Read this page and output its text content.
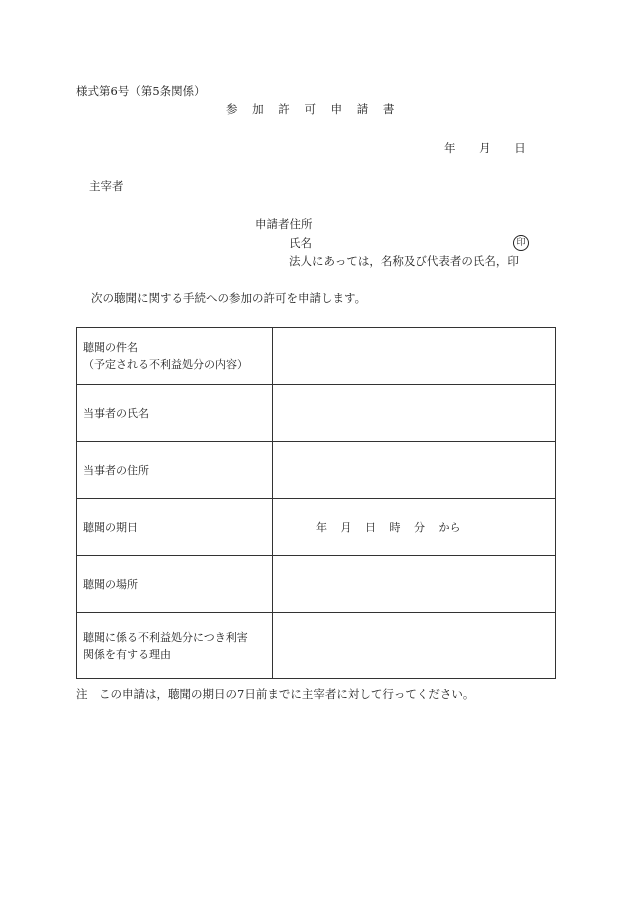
様式第6号（第5条関係）
参 加 許 可 申 請 書
年 月 日
主宰者
申請者住所
氏名	印
法人にあっては，名称及び代表者の氏名，印
次の聴聞に関する手続への参加の許可を申請します。
聴聞の件名
（予定される不利益処分の内容）	

当事者の氏名	

当事者の住所	

聴聞の期日	年 月 日 時 分 から

聴聞の場所	

聴聞に係る不利益処分につき利害
関係を有する理由	

注　この申請は，聴聞の期日の7日前までに主宰者に対して行ってください。
